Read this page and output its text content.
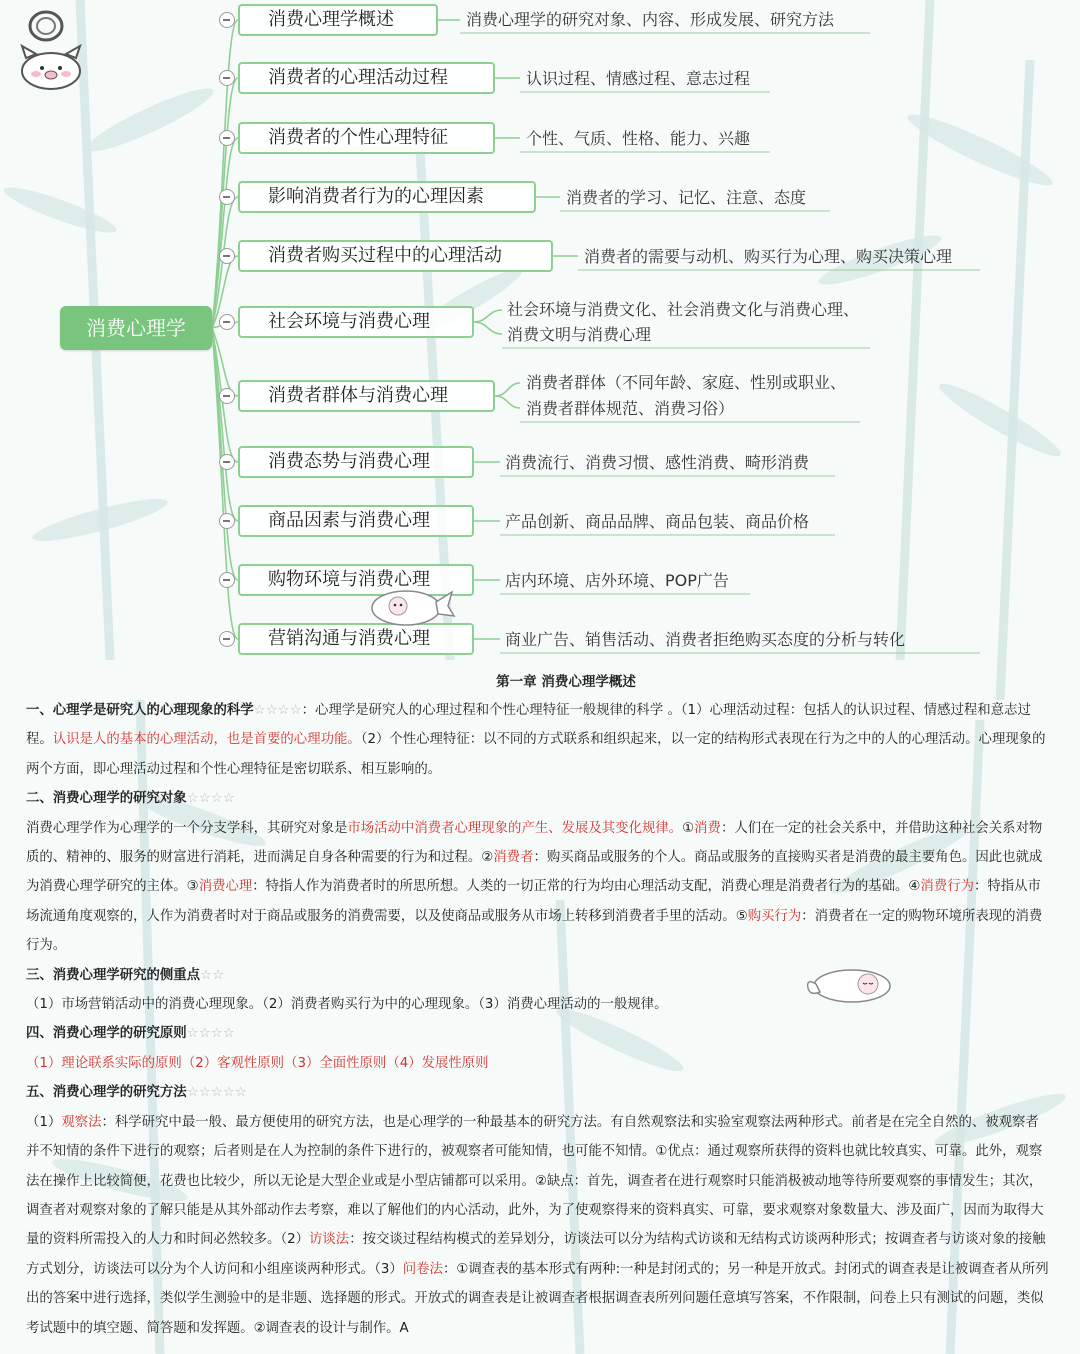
消费心理学
消费心理学概述
消费者的心理活动过程
消费者的个性心理特征
影响消费者行为的心理因素
消费者购买过程中的心理活动
社会环境与消费心理
消费者群体与消费心理
消费态势与消费心理
商品因素与消费心理
购物环境与消费心理
营销沟通与消费心理
消费心理学的研究对象、内容、形成发展、研究方法
认识过程、情感过程、意志过程
个性、气质、性格、能力、兴趣
消费者的学习、记忆、注意、态度
消费者的需要与动机、购买行为心理、购买决策心理
社会环境与消费文化、社会消费文化与消费心理、
消费文明与消费心理
消费者群体（不同年龄、家庭、性别或职业、
消费者群体规范、消费习俗）
消费流行、消费习惯、感性消费、畸形消费
产品创新、商品品牌、商品包装、商品价格
店内环境、店外环境、POP广告
商业广告、销售活动、消费者拒绝购买态度的分析与转化

第一章 消费心理学概述

一、心理学是研究人的心理现象的科学☆☆☆☆：心理学是研究人的心理过程和个性心理特征一般规律的科学 。（1）心理活动过程：包括人的认识过程、情感过程和意志过程。认识是人的基本的心理活动，也是首要的心理功能。（2）个性心理特征：以不同的方式联系和组织起来，以一定的结构形式表现在行为之中的人的心理活动。心理现象的两个方面，即心理活动过程和个性心理特征是密切联系、相互影响的。

二、消费心理学的研究对象☆☆☆☆

消费心理学作为心理学的一个分支学科，其研究对象是市场活动中消费者心理现象的产生、发展及其变化规律。①消费：人们在一定的社会关系中，并借助这种社会关系对物质的、精神的、服务的财富进行消耗，进而满足自身各种需要的行为和过程。②消费者：购买商品或服务的个人。商品或服务的直接购买者是消费的最主要角色。因此也就成为消费心理学研究的主体。③消费心理：特指人作为消费者时的所思所想。人类的一切正常的行为均由心理活动支配，消费心理是消费者行为的基础。④消费行为：特指从市场流通角度观察的，人作为消费者时对于商品或服务的消费需要，以及使商品或服务从市场上转移到消费者手里的活动。⑤购买行为：消费者在一定的购物环境所表现的消费行为。

三、消费心理学研究的侧重点☆☆

（1）市场营销活动中的消费心理现象。（2）消费者购买行为中的心理现象。（3）消费心理活动的一般规律。

四、消费心理学的研究原则☆☆☆☆

（1）理论联系实际的原则（2）客观性原则（3）全面性原则（4）发展性原则

五、消费心理学的研究方法☆☆☆☆☆

（1）观察法：科学研究中最一般、最方便使用的研究方法，也是心理学的一种最基本的研究方法。有自然观察法和实验室观察法两种形式。前者是在完全自然的、被观察者并不知情的条件下进行的观察；后者则是在人为控制的条件下进行的，被观察者可能知情，也可能不知情。①优点：通过观察所获得的资料也就比较真实、可靠。此外，观察法在操作上比较简便，花费也比较少，所以无论是大型企业或是小型店铺都可以采用。②缺点：首先，调查者在进行观察时只能消极被动地等待所要观察的事情发生；其次，调查者对观察对象的了解只能是从其外部动作去考察，难以了解他们的内心活动，此外，为了使观察得来的资料真实、可靠，要求观察对象数量大、涉及面广，因而为取得大量的资料所需投入的人力和时间必然较多。（2）访谈法：按交谈过程结构模式的差异划分，访谈法可以分为结构式访谈和无结构式访谈两种形式；按调查者与访谈对象的接触方式划分，访谈法可以分为个人访问和小组座谈两种形式。（3）问卷法：①调查表的基本形式有两种:一种是封闭式的；另一种是开放式。封闭式的调查表是让被调查者从所列出的答案中进行选择，类似学生测验中的是非题、选择题的形式。开放式的调查表是让被调查者根据调查表所列问题任意填写答案，不作限制，问卷上只有测试的问题，类似考试题中的填空题、简答题和发挥题。②调查表的设计与制作。A
